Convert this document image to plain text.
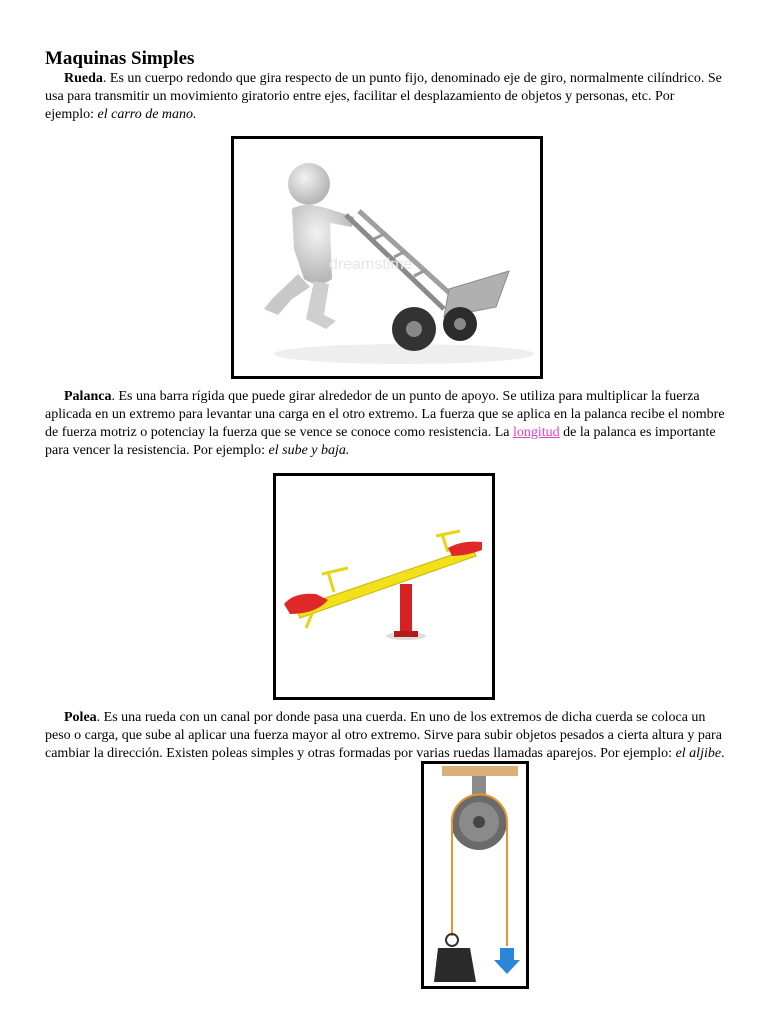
Maquinas Simples

Rueda. Es un cuerpo redondo que gira respecto de un punto fijo, denominado eje de giro, normalmente cilíndrico. Se usa para transmitir un movimiento giratorio entre ejes, facilitar el desplazamiento de objetos y personas, etc. Por ejemplo: el carro de mano.

dreamstime

Palanca. Es una barra rígida que puede girar alrededor de un punto de apoyo. Se utiliza para multiplicar la fuerza aplicada en un extremo para levantar una carga en el otro extremo. La fuerza que se aplica en la palanca recibe el nombre de fuerza motriz o potenciay la fuerza que se vence se conoce como resistencia. La longitud de la palanca es importante para vencer la resistencia. Por ejemplo: el sube y baja.

Polea. Es una rueda con un canal por donde pasa una cuerda. En uno de los extremos de dicha cuerda se coloca un peso o carga, que sube al aplicar una fuerza mayor al otro extremo. Sirve para subir objetos pesados a cierta altura y para cambiar la dirección. Existen poleas simples y otras formadas por varias ruedas llamadas aparejos. Por ejemplo: el aljibe.
